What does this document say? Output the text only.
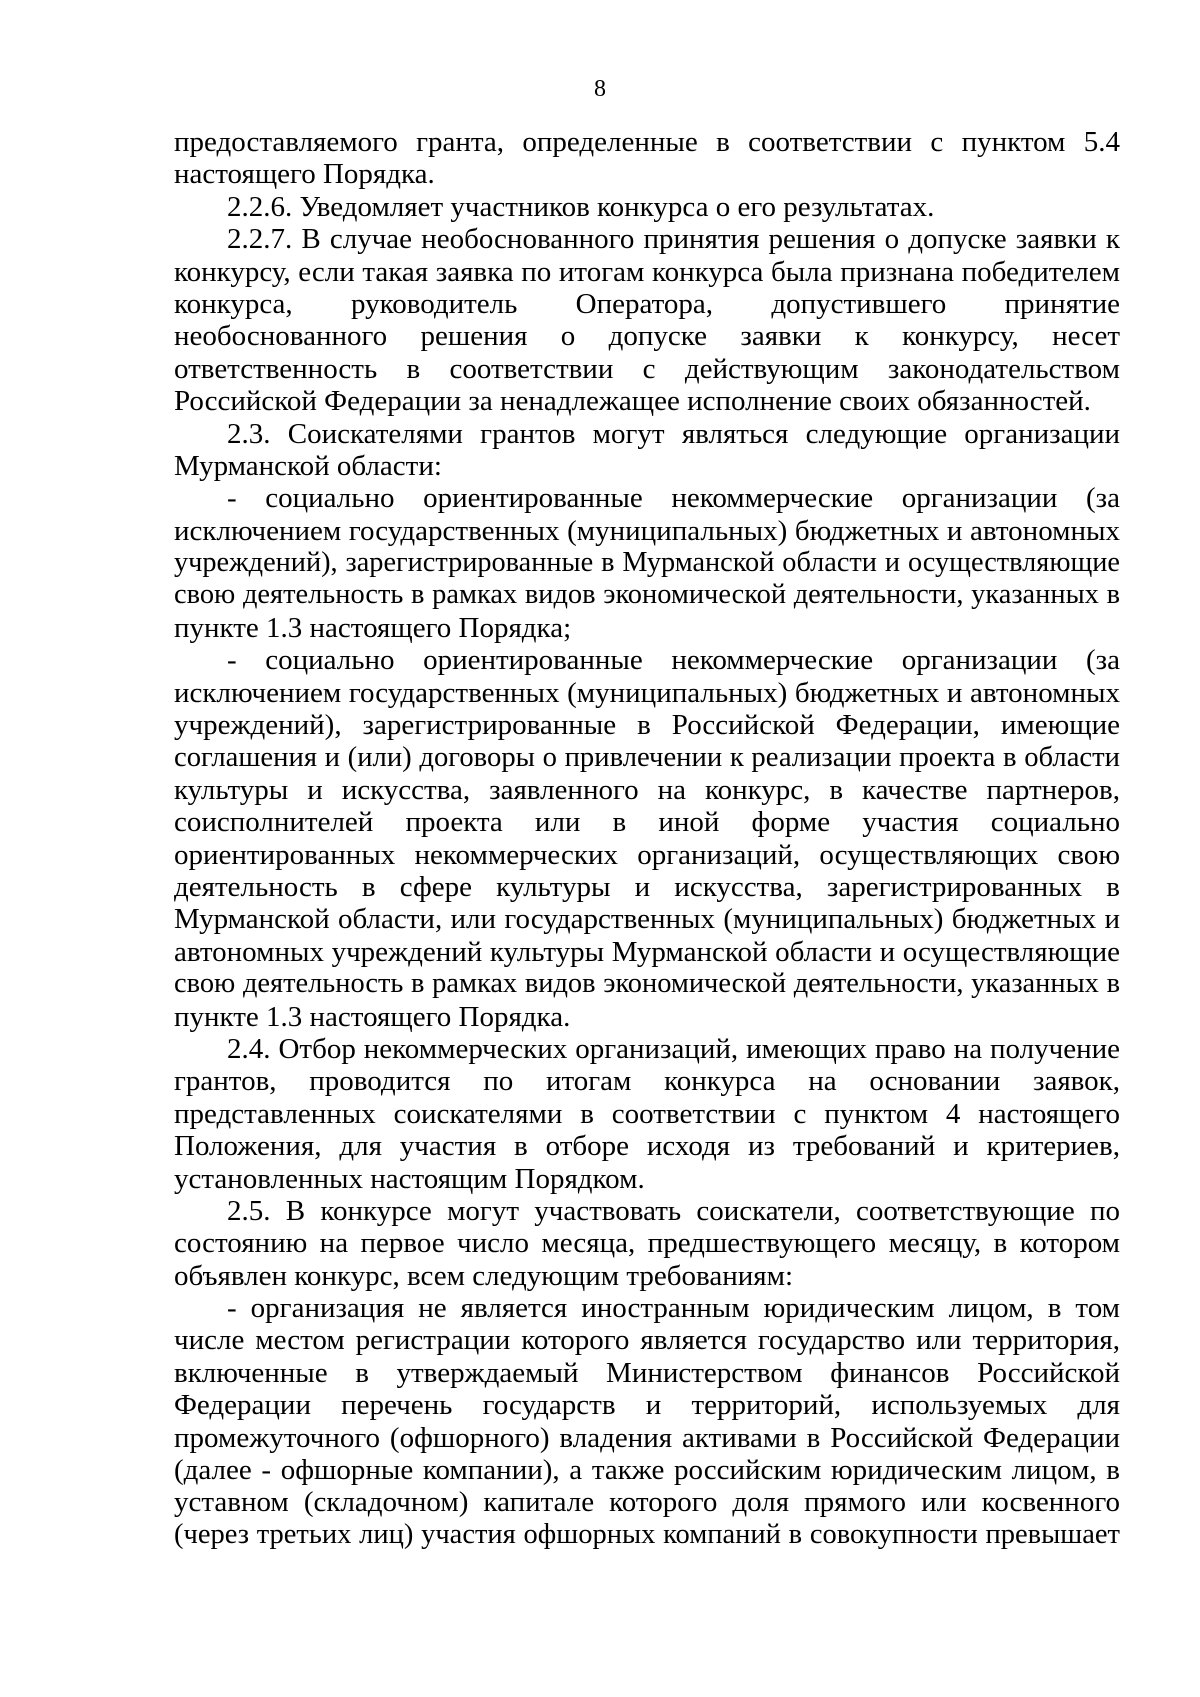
8
предоставляемого гранта, определенные в соответствии с пунктом 5.4
настоящего Порядка.
2.2.6. Уведомляет участников конкурса о его результатах.
2.2.7. В случае необоснованного принятия решения о допуске заявки к
конкурсу, если такая заявка по итогам конкурса была признана победителем
конкурса, руководитель Оператора, допустившего принятие
необоснованного решения о допуске заявки к конкурсу, несет
ответственность в соответствии с действующим законодательством
Российской Федерации за ненадлежащее исполнение своих обязанностей.
2.3. Соискателями грантов могут являться следующие организации
Мурманской области:
- социально ориентированные некоммерческие организации (за
исключением государственных (муниципальных) бюджетных и автономных
учреждений), зарегистрированные в Мурманской области и осуществляющие
свою деятельность в рамках видов экономической деятельности, указанных в
пункте 1.3 настоящего Порядка;
- социально ориентированные некоммерческие организации (за
исключением государственных (муниципальных) бюджетных и автономных
учреждений), зарегистрированные в Российской Федерации, имеющие
соглашения и (или) договоры о привлечении к реализации проекта в области
культуры и искусства, заявленного на конкурс, в качестве партнеров,
соисполнителей проекта или в иной форме участия социально
ориентированных некоммерческих организаций, осуществляющих свою
деятельность в сфере культуры и искусства, зарегистрированных в
Мурманской области, или государственных (муниципальных) бюджетных и
автономных учреждений культуры Мурманской области и осуществляющие
свою деятельность в рамках видов экономической деятельности, указанных в
пункте 1.3 настоящего Порядка.
2.4. Отбор некоммерческих организаций, имеющих право на получение
грантов, проводится по итогам конкурса на основании заявок,
представленных соискателями в соответствии с пунктом 4 настоящего
Положения, для участия в отборе исходя из требований и критериев,
установленных настоящим Порядком.
2.5. В конкурсе могут участвовать соискатели, соответствующие по
состоянию на первое число месяца, предшествующего месяцу, в котором
объявлен конкурс, всем следующим требованиям:
- организация не является иностранным юридическим лицом, в том
числе местом регистрации которого является государство или территория,
включенные в утверждаемый Министерством финансов Российской
Федерации перечень государств и территорий, используемых для
промежуточного (офшорного) владения активами в Российской Федерации
(далее - офшорные компании), а также российским юридическим лицом, в
уставном (складочном) капитале которого доля прямого или косвенного
(через третьих лиц) участия офшорных компаний в совокупности превышает
